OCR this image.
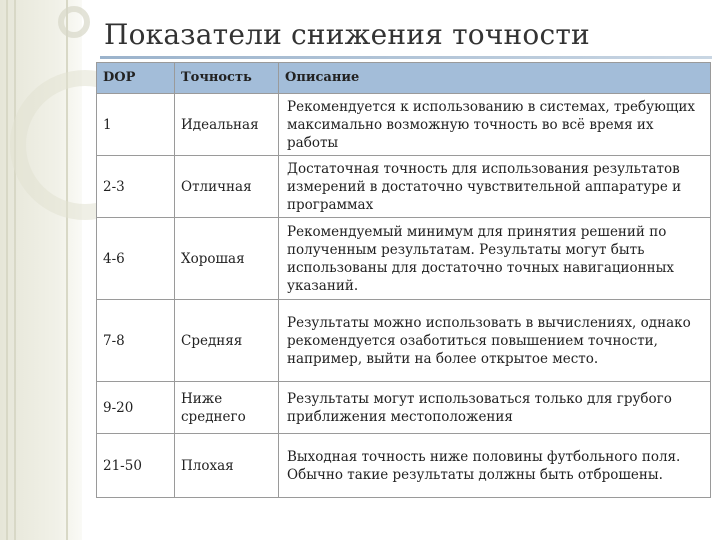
Показатели снижения точности
DOP	Точность	Описание
1	Идеальная	Рекомендуется к использованию в системах, требующих максимально возможную точность во всё время их работы
2-3	Отличная	Достаточная точность для использования результатов измерений в достаточно чувствительной аппаратуре и программах
4-6	Хорошая	Рекомендуемый минимум для принятия решений по полученным результатам. Результаты могут быть использованы для достаточно точных навигационных указаний.
7-8	Средняя	Результаты можно использовать в вычислениях, однако рекомендуется озаботиться повышением точности, например, выйти на более открытое место.
9-20	Ниже среднего	Результаты могут использоваться только для грубого приближения местоположения
21-50	Плохая	Выходная точность ниже половины футбольного поля. Обычно такие результаты должны быть отброшены.
